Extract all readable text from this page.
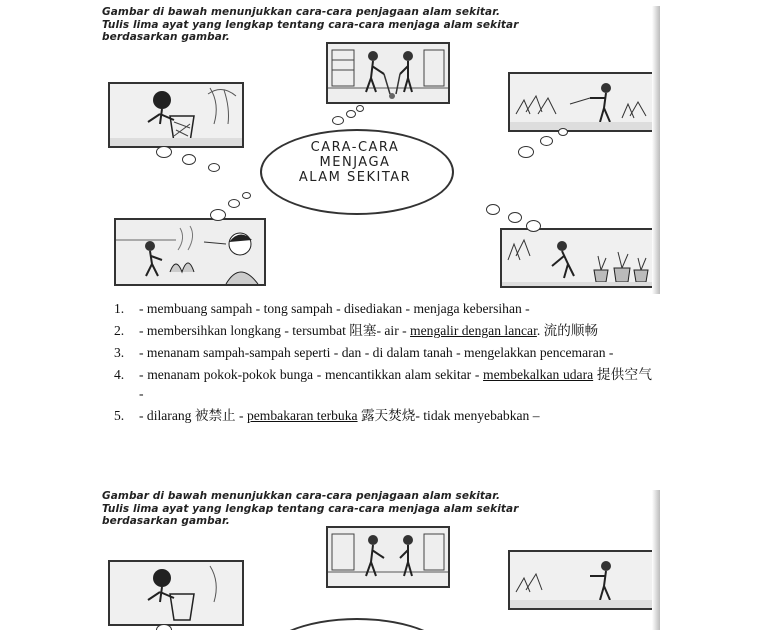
Gambar di bawah menunjukkan cara-cara penjagaan alam sekitar.

Tulis lima ayat yang lengkap tentang cara-cara menjaga alam sekitar

berdasarkan gambar.

CARA-CARA
MENJAGA
ALAM SEKITAR
1. - membuang sampah - tong sampah - disediakan - menjaga kebersihan -
2. - membersihkan longkang - tersumbat 阻塞- air - mengalir dengan lancar. 流的顺畅
3. - menanam sampah-sampah seperti - dan - di dalam tanah - mengelakkan pencemaran -
4. - menanam pokok-pokok bunga - mencantikkan alam sekitar - membekalkan udara 提供空气 -
5. - dilarang 被禁止 - pembakaran terbuka 露天焚烧- tidak menyebabkan –

Gambar di bawah menunjukkan cara-cara penjagaan alam sekitar.

Tulis lima ayat yang lengkap tentang cara-cara menjaga alam sekitar

berdasarkan gambar.
